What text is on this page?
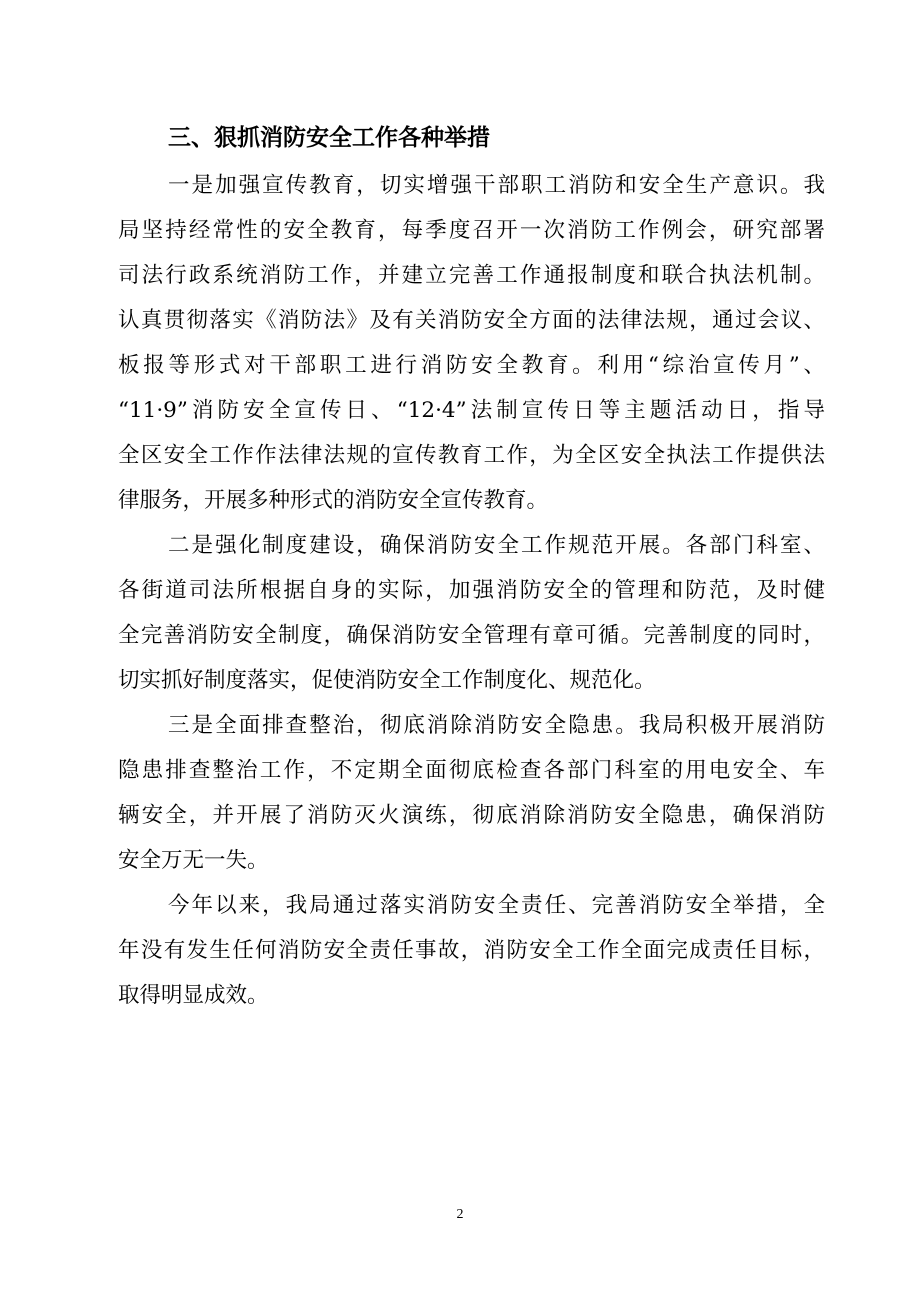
三、狠抓消防安全工作各种举措

一是加强宣传教育，切实增强干部职工消防和安全生产意识。我
局坚持经常性的安全教育，每季度召开一次消防工作例会，研究部署
司法行政系统消防工作，并建立完善工作通报制度和联合执法机制。
认真贯彻落实《消防法》及有关消防安全方面的法律法规，通过会议、
板报等形式对干部职工进行消防安全教育。利用“综治宣传月”、
“11·9”消防安全宣传日、“12·4”法制宣传日等主题活动日，指导
全区安全工作作法律法规的宣传教育工作，为全区安全执法工作提供法
律服务，开展多种形式的消防安全宣传教育。

二是强化制度建设，确保消防安全工作规范开展。各部门科室、
各街道司法所根据自身的实际，加强消防安全的管理和防范，及时健
全完善消防安全制度，确保消防安全管理有章可循。完善制度的同时，
切实抓好制度落实，促使消防安全工作制度化、规范化。

三是全面排查整治，彻底消除消防安全隐患。我局积极开展消防
隐患排查整治工作，不定期全面彻底检查各部门科室的用电安全、车
辆安全，并开展了消防灭火演练，彻底消除消防安全隐患，确保消防
安全万无一失。

今年以来，我局通过落实消防安全责任、完善消防安全举措，全
年没有发生任何消防安全责任事故，消防安全工作全面完成责任目标，
取得明显成效。

2
